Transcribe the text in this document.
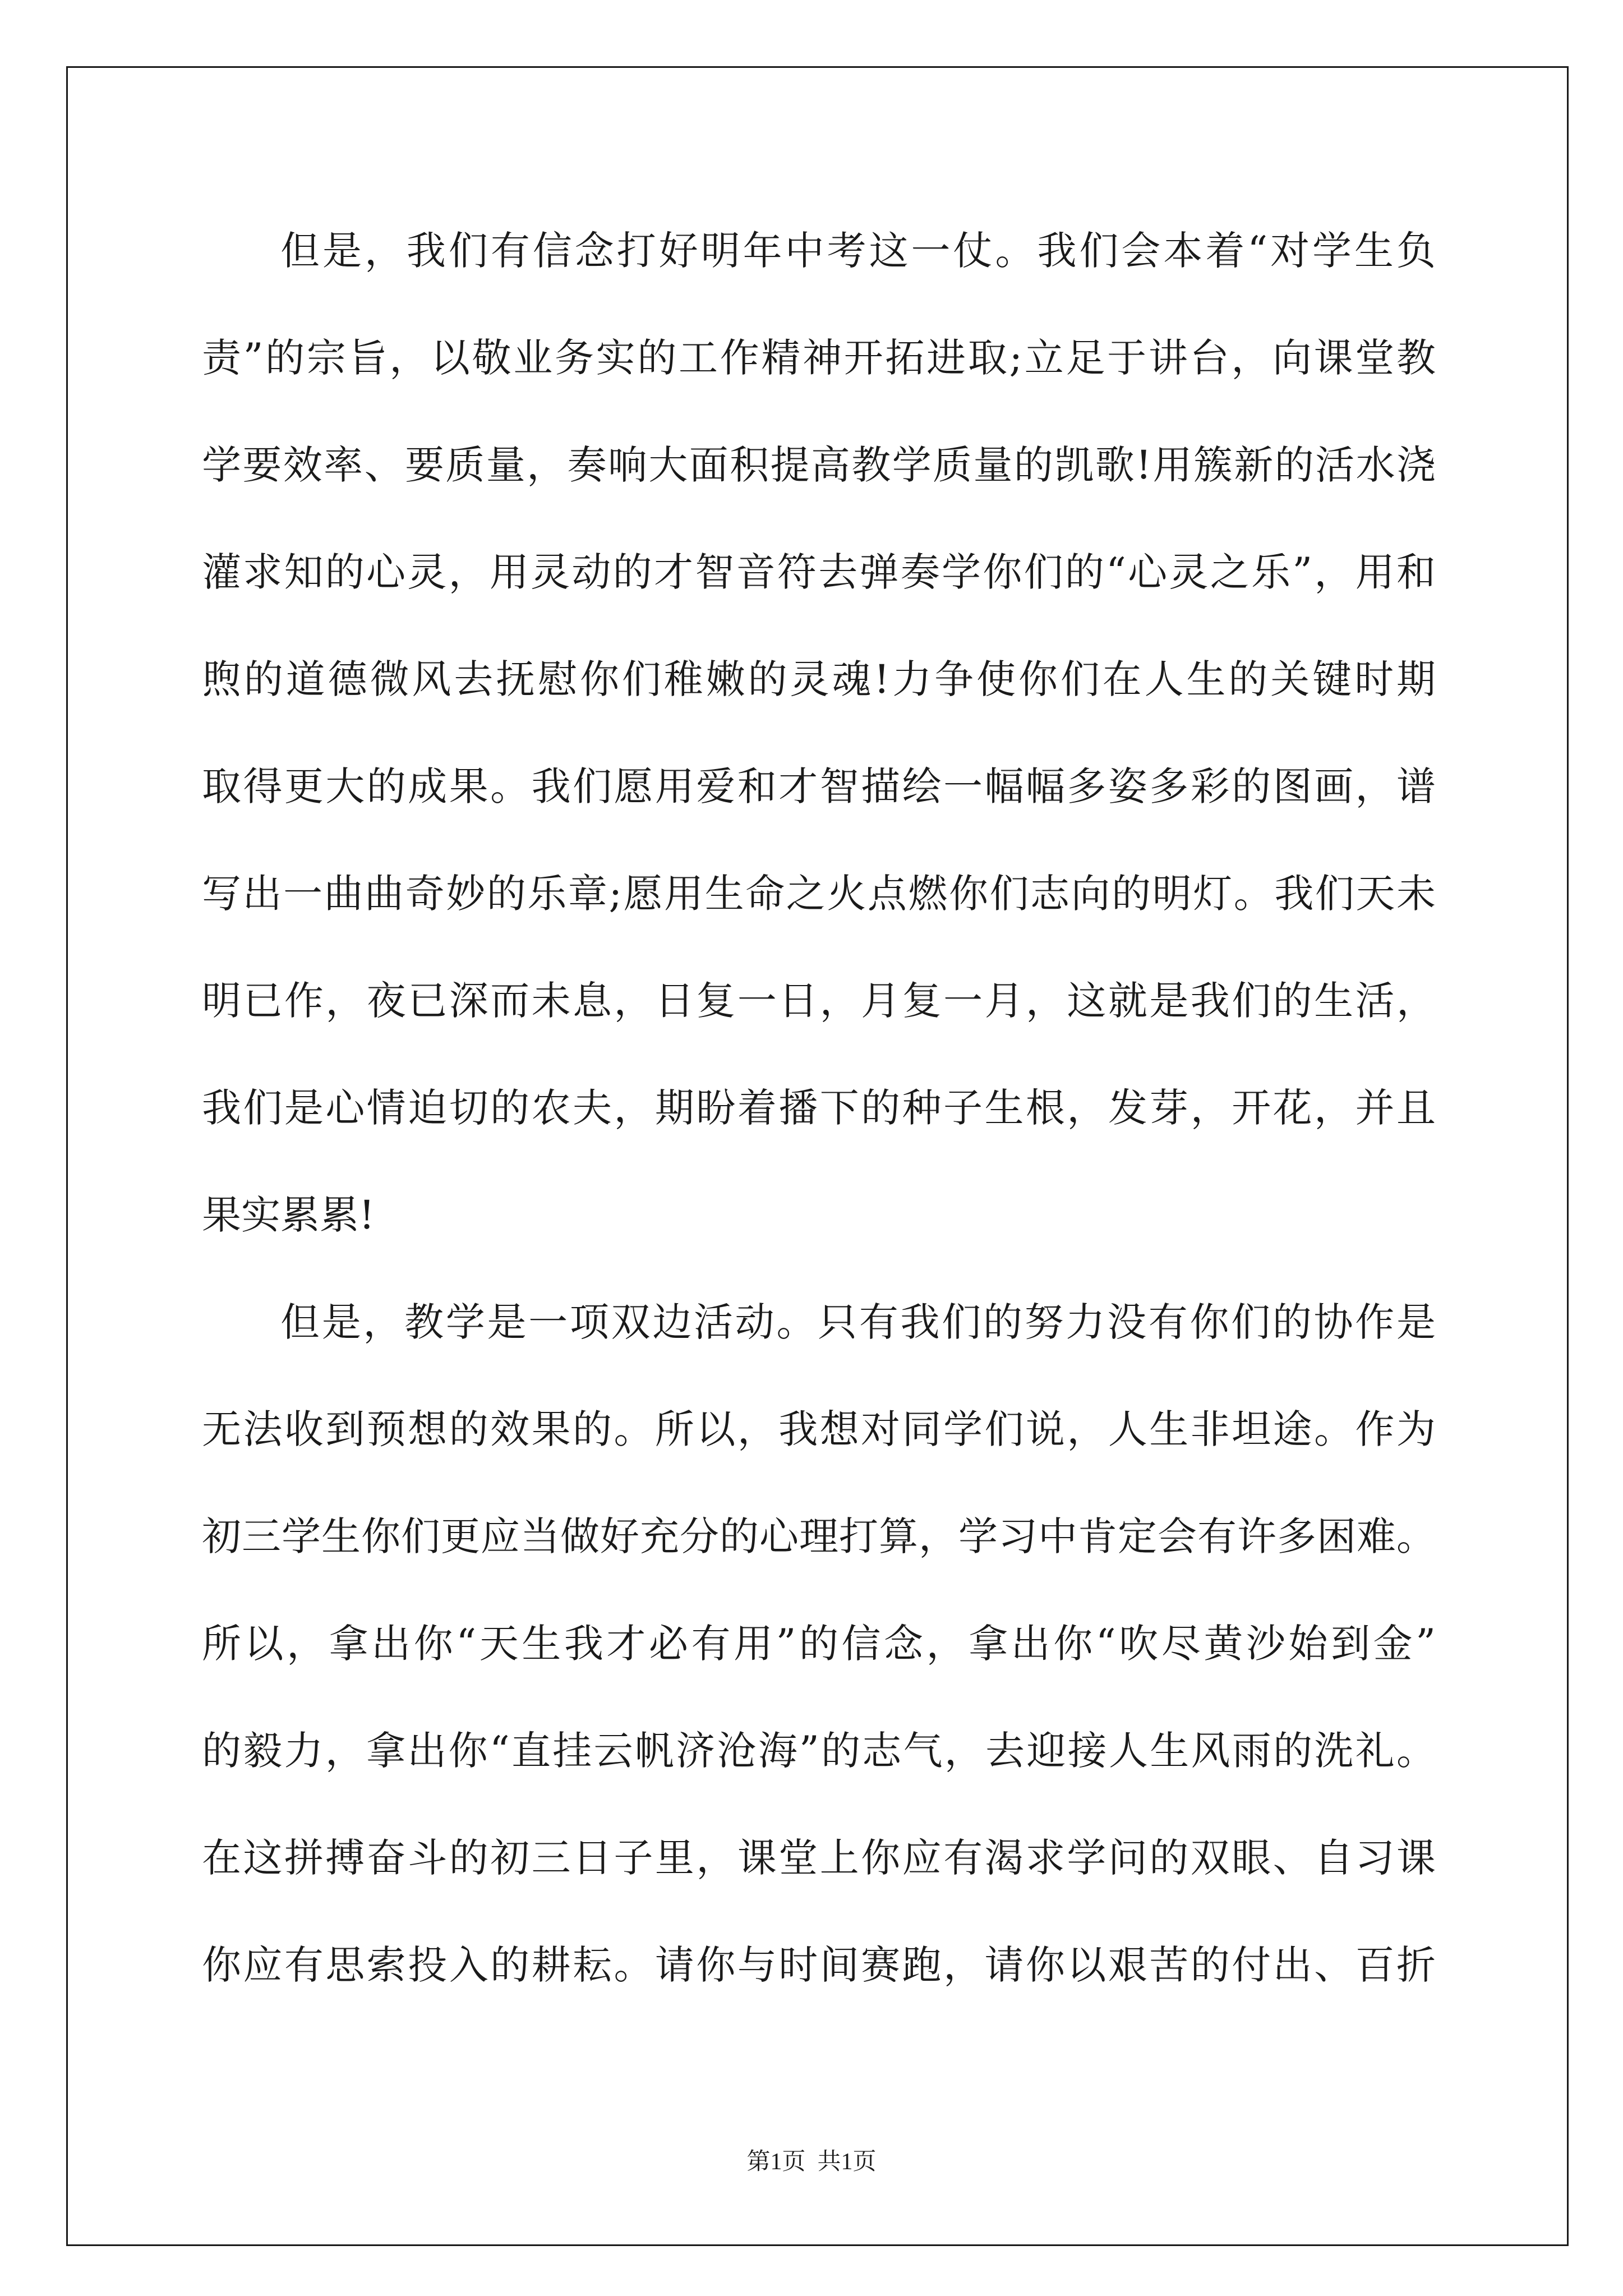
但是，我们有信念打好明年中考这一仗。我们会本着“对学生负
责”的宗旨，以敬业务实的工作精神开拓进取;立足于讲台，向课堂教
学要效率、要质量，奏响大面积提高教学质量的凯歌!用簇新的活水浇
灌求知的心灵，用灵动的才智音符去弹奏学你们的“心灵之乐”，用和
煦的道德微风去抚慰你们稚嫩的灵魂!力争使你们在人生的关键时期
取得更大的成果。我们愿用爱和才智描绘一幅幅多姿多彩的图画，谱
写出一曲曲奇妙的乐章;愿用生命之火点燃你们志向的明灯。我们天未
明已作，夜已深而未息，日复一日，月复一月，这就是我们的生活，
我们是心情迫切的农夫，期盼着播下的种子生根，发芽，开花，并且
果实累累!
但是，教学是一项双边活动。只有我们的努力没有你们的协作是
无法收到预想的效果的。所以，我想对同学们说，人生非坦途。作为
初三学生你们更应当做好充分的心理打算，学习中肯定会有许多困难。
所以，拿出你“天生我才必有用”的信念，拿出你“吹尽黄沙始到金”
的毅力，拿出你“直挂云帆济沧海”的志气，去迎接人生风雨的洗礼。
在这拼搏奋斗的初三日子里，课堂上你应有渴求学问的双眼、自习课
你应有思索投入的耕耘。请你与时间赛跑，请你以艰苦的付出、百折
第1页  共1页
